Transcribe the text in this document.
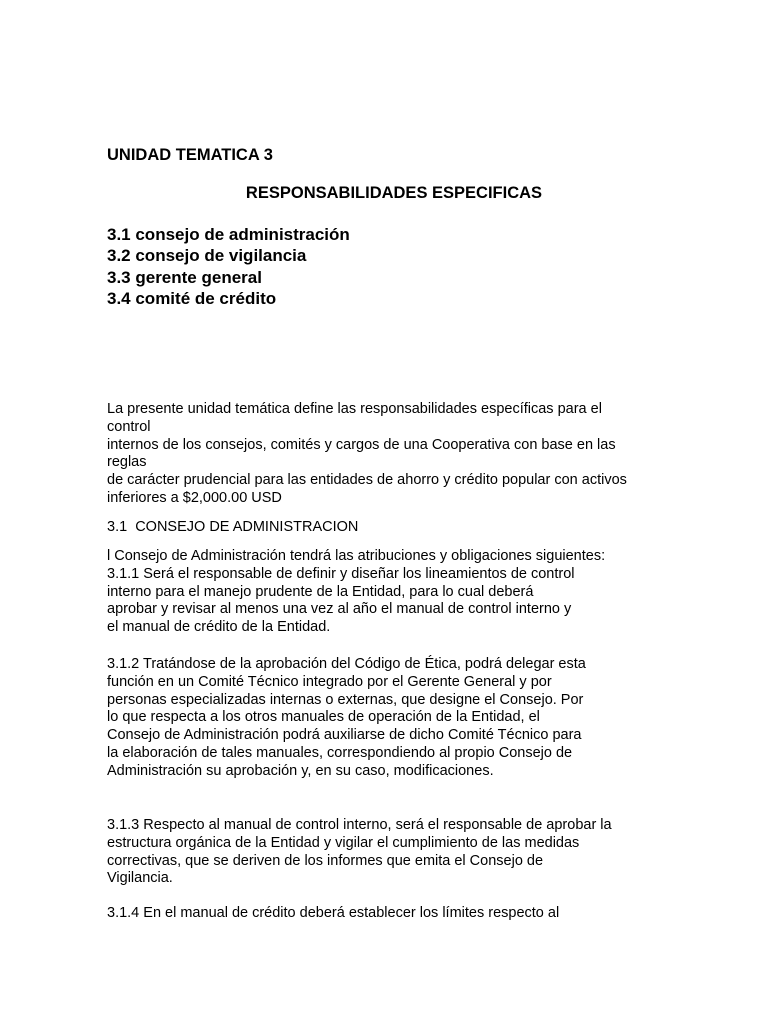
UNIDAD TEMATICA 3
RESPONSABILIDADES ESPECIFICAS
3.1 consejo de administración
3.2 consejo de vigilancia
3.3 gerente general
3.4 comité de crédito
La presente unidad temática define las responsabilidades específicas para el
control
internos de los consejos, comités y cargos de una Cooperativa con base en las
reglas
de carácter prudencial para las entidades de ahorro y crédito popular con activos
inferiores a $2,000.00 USD
3.1  CONSEJO DE ADMINISTRACION
l Consejo de Administración tendrá las atribuciones y obligaciones siguientes:
3.1.1 Será el responsable de definir y diseñar los lineamientos de control
interno para el manejo prudente de la Entidad, para lo cual deberá
aprobar y revisar al menos una vez al año el manual de control interno y
el manual de crédito de la Entidad.
3.1.2 Tratándose de la aprobación del Código de Ética, podrá delegar esta
función en un Comité Técnico integrado por el Gerente General y por
personas especializadas internas o externas, que designe el Consejo. Por
lo que respecta a los otros manuales de operación de la Entidad, el
Consejo de Administración podrá auxiliarse de dicho Comité Técnico para
la elaboración de tales manuales, correspondiendo al propio Consejo de
Administración su aprobación y, en su caso, modificaciones.
3.1.3 Respecto al manual de control interno, será el responsable de aprobar la
estructura orgánica de la Entidad y vigilar el cumplimiento de las medidas
correctivas, que se deriven de los informes que emita el Consejo de
Vigilancia.
3.1.4 En el manual de crédito deberá establecer los límites respecto al
